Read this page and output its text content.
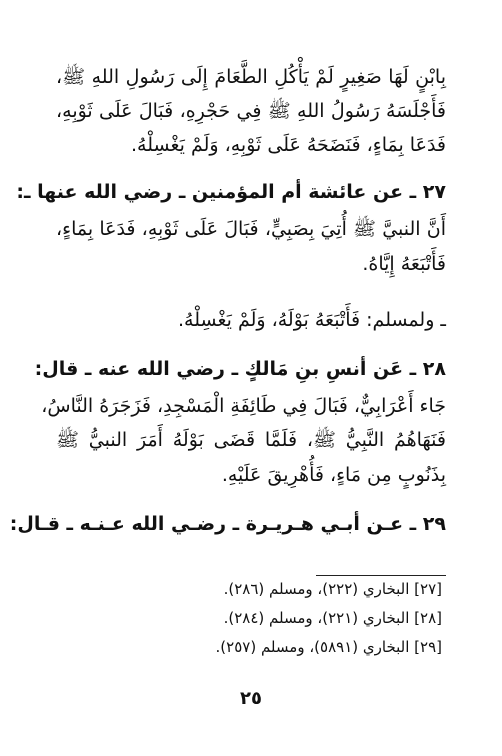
بِابْنٍ لَهَا صَغِيرٍ لَمْ يَأْكُلِ الطَّعَامَ إِلَى رَسُولِ اللهِ ﷺ،
فَأَجْلَسَهُ رَسُولُ اللهِ ﷺ فِي حَجْرِهِ، فَبَالَ عَلَى ثَوْبِهِ،
فَدَعَا بِمَاءٍ، فَنَضَحَهُ عَلَى ثَوْبِهِ، وَلَمْ يَغْسِلْهُ.
٢٧ ـ عن عائشة أم المؤمنين ـ رضي الله عنها ـ:
أَنَّ النبيَّ ﷺ أُتِيَ بِصَبِيٍّ، فَبَالَ عَلَى ثَوْبِهِ، فَدَعَا بِمَاءٍ،
فَأَتْبَعَهُ إِيَّاهُ.
ـ ولمسلم: فَأَتْبَعَهُ بَوْلَهُ، وَلَمْ يَغْسِلْهُ.
٢٨ ـ عَن أنسِ بنِ مَالكٍ ـ رضي الله عنه ـ قال:
جَاء أَعْرَابِيٌّ، فَبَالَ فِي طَائِفَةِ الْمَسْجِدِ، فَزَجَرَهُ النَّاسُ،
فَنَهَاهُمُ النَّبِيُّ ﷺ، فَلَمَّا قَضَى بَوْلَهُ أَمَرَ النبيُّ ﷺ
بِذَنُوبٍ مِن مَاءٍ، فَأُهْرِيقَ عَلَيْهِ.
٢٩ ـ عـن أبـي هـريـرة ـ رضـي الله عـنـه ـ قـال:
[٢٧] البخاري (٢٢٢)، ومسلم (٢٨٦).
[٢٨] البخاري (٢٢١)، ومسلم (٢٨٤).
[٢٩] البخاري (٥٨٩١)، ومسلم (٢٥٧).
٢٥
